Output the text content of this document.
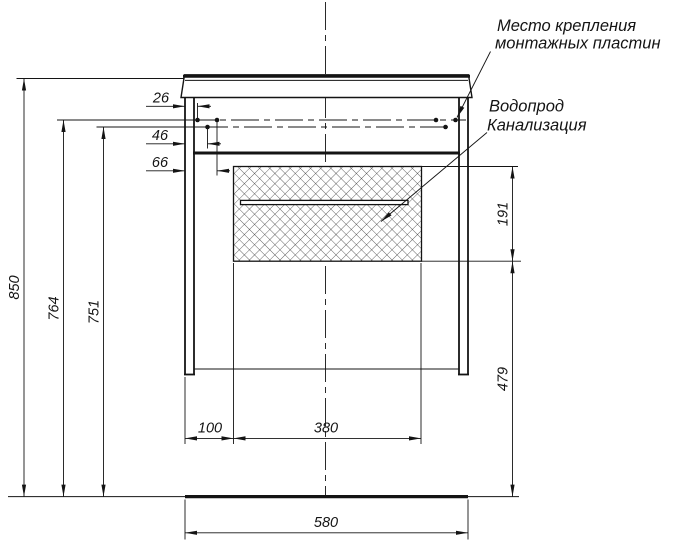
850
764 751
26
46
66
191
479
100	380
580
Место крепления
монтажных пластин
Водопрод
Канализация
